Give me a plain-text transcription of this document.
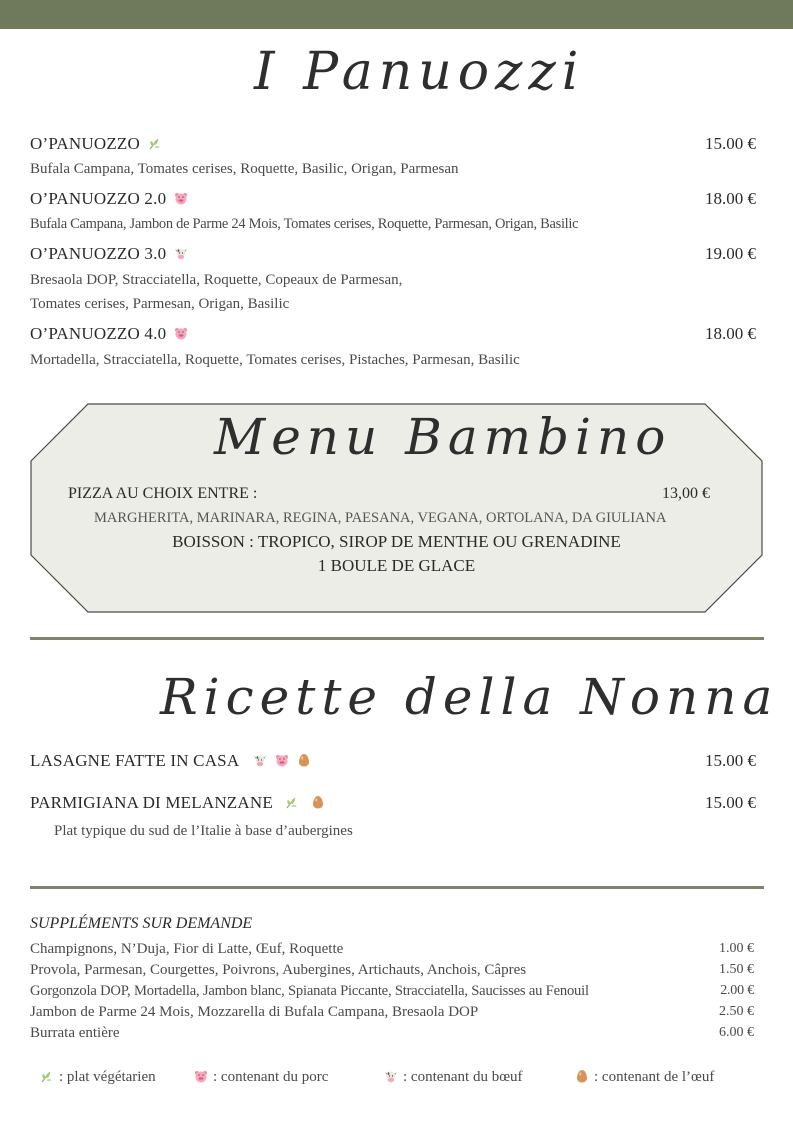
I Panuozzi
O’PANUOZZO	15.00 €
Bufala Campana, Tomates cerises, Roquette, Basilic, Origan, Parmesan
O’PANUOZZO 2.0	18.00 €
Bufala Campana, Jambon de Parme 24 Mois, Tomates cerises, Roquette, Parmesan, Origan, Basilic
O’PANUOZZO 3.0	19.00 €
Bresaola DOP, Stracciatella, Roquette, Copeaux de Parmesan,
Tomates cerises, Parmesan, Origan, Basilic
O’PANUOZZO 4.0	18.00 €
Mortadella, Stracciatella, Roquette, Tomates cerises, Pistaches, Parmesan, Basilic
Menu Bambino
PIZZA AU CHOIX ENTRE :	13,00 €
MARGHERITA, MARINARA, REGINA, PAESANA, VEGANA, ORTOLANA, DA GIULIANA
BOISSON : TROPICO, SIROP DE MENTHE OU GRENADINE
1 BOULE DE GLACE
Ricette della Nonna
LASAGNE FATTE IN CASA	15.00 €
PARMIGIANA DI MELANZANE	15.00 €
Plat typique du sud de l’Italie à base d’aubergines
SUPPLÉMENTS SUR DEMANDE
Champignons, N’Duja, Fior di Latte, Œuf, Roquette	1.00 €
Provola, Parmesan, Courgettes, Poivrons, Aubergines, Artichauts, Anchois, Câpres	1.50 €
Gorgonzola DOP, Mortadella, Jambon blanc, Spianata Piccante, Stracciatella, Saucisses au Fenouil	2.00 €
Jambon de Parme 24 Mois, Mozzarella di Bufala Campana, Bresaola DOP	2.50 €
Burrata entière	6.00 €
: plat végétarien	: contenant du porc	: contenant du bœuf	: contenant de l’œuf
